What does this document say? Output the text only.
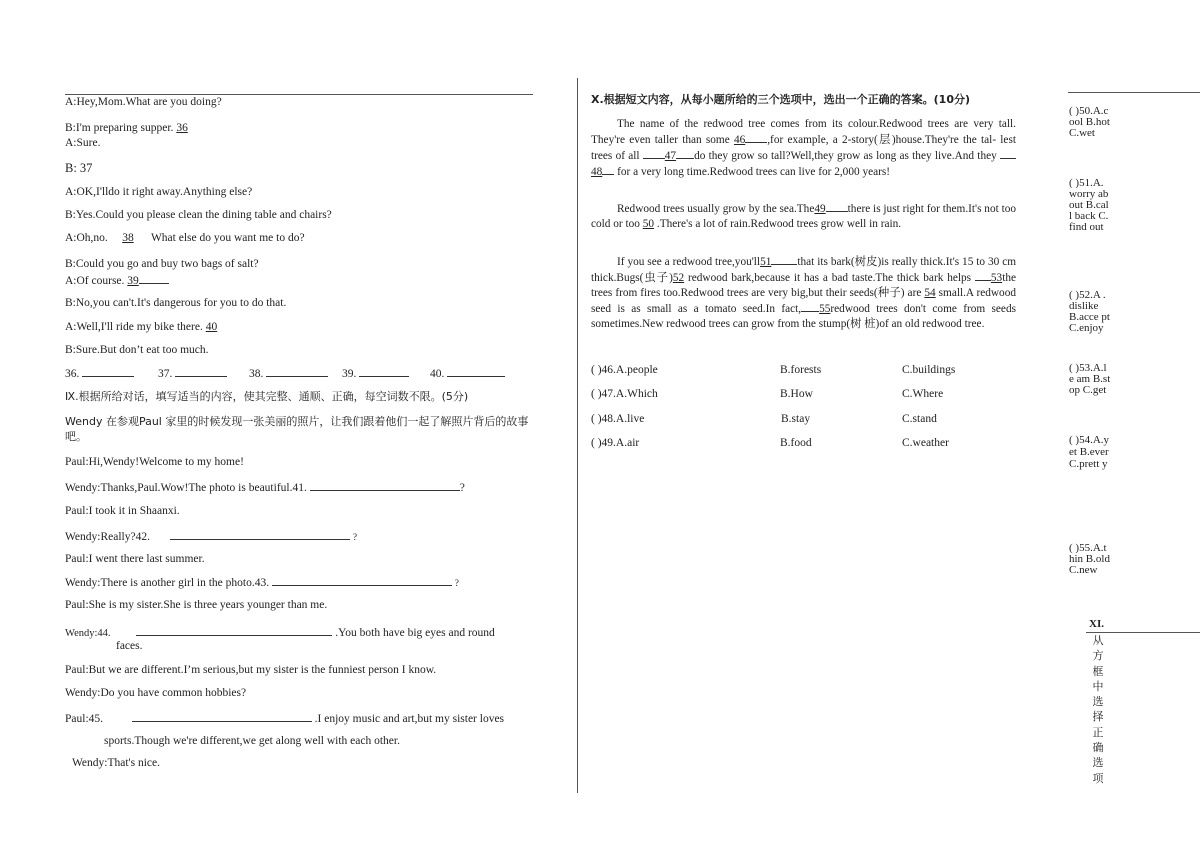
A:Hey,Mom.What are you doing?
B:I'm preparing supper. 36
A:Sure.
B: 37
A:OK,I'lldo it right away.Anything else?
B:Yes.Could you please clean the dining table and chairs?
A:Oh,no. 38 What else do you want me to do?
B:Could you go and buy two bags of salt?
A:Of course. 39
B:No,you can't.It's dangerous for you to do that.
A:Well,I'll ride my bike there. 40
B:Sure.But don’t eat too much.
36.	37.	38.	39.	40.
Ⅸ.根据所给对话，填写适当的内容，使其完整、通顺、正确，每空词数不限。(5分)
Wendy 在参观Paul 家里的时候发现一张美丽的照片，让我们跟着他们一起了解照片背后的故事吧。
Paul:Hi,Wendy!Welcome to my home!
Wendy:Thanks,Paul.Wow!The photo is beautiful.41.	?
Paul:I took it in Shaanxi.
Wendy:Really?42.	?
Paul:I went there last summer.
Wendy:There is another girl in the photo.43.	?
Paul:She is my sister.She is three years younger than me.
Wendy:44.	.You both have big eyes and round
faces.
Paul:But we are different.I’m serious,but my sister is the funniest person I know.
Wendy:Do you have common hobbies?
Paul:45.	.I enjoy music and art,but my sister loves
sports.Though we're different,we get along well with each other.
Wendy:That's nice.
Ⅹ.根据短文内容，从每小题所给的三个选项中，选出一个正确的答案。(10分)
The name of the redwood tree comes from its colour.Redwood trees are very tall. They're even taller than some 46 ,for example, a 2-story(层)house.They're the tal- lest trees of all 47 do they grow so tall?Well,they grow as long as they live.And they 48 for a very long time.Redwood trees can live for 2,000 years!
Redwood trees usually grow by the sea.The49 there is just right for them.It's not too cold or too 50 .There's a lot of rain.Redwood trees grow well in rain.
If you see a redwood tree,you'll51 that its bark(树皮)is really thick.It's 15 to 30 cm thick.Bugs(虫子)52 redwood bark,because it has a bad taste.The thick bark helps 53the trees from fires too.Redwood trees are very big,but their seeds(种子) are 54 small.A redwood seed is as small as a tomato seed.In fact, 55redwood trees don't come from seeds sometimes.New redwood trees can grow from the stump(树 桩)of an old redwood tree.
( )46.A.people	B.forests	C.buildings
( )47.A.Which	B.How	C.Where
( )48.A.live	B.stay	C.stand
( )49.A.air	B.food	C.weather
( )50.A.c ool B.hot C.wet
( )51.A. worry about B.call back C.find out
( )52.A .dislike B.acce pt C.enjoy
( )53.A.le am B.stop C.get
( )54.A.y et B.ever C.prett y
( )55.A.t hin B.old C.new
XI.
从方框中选择正确选项
